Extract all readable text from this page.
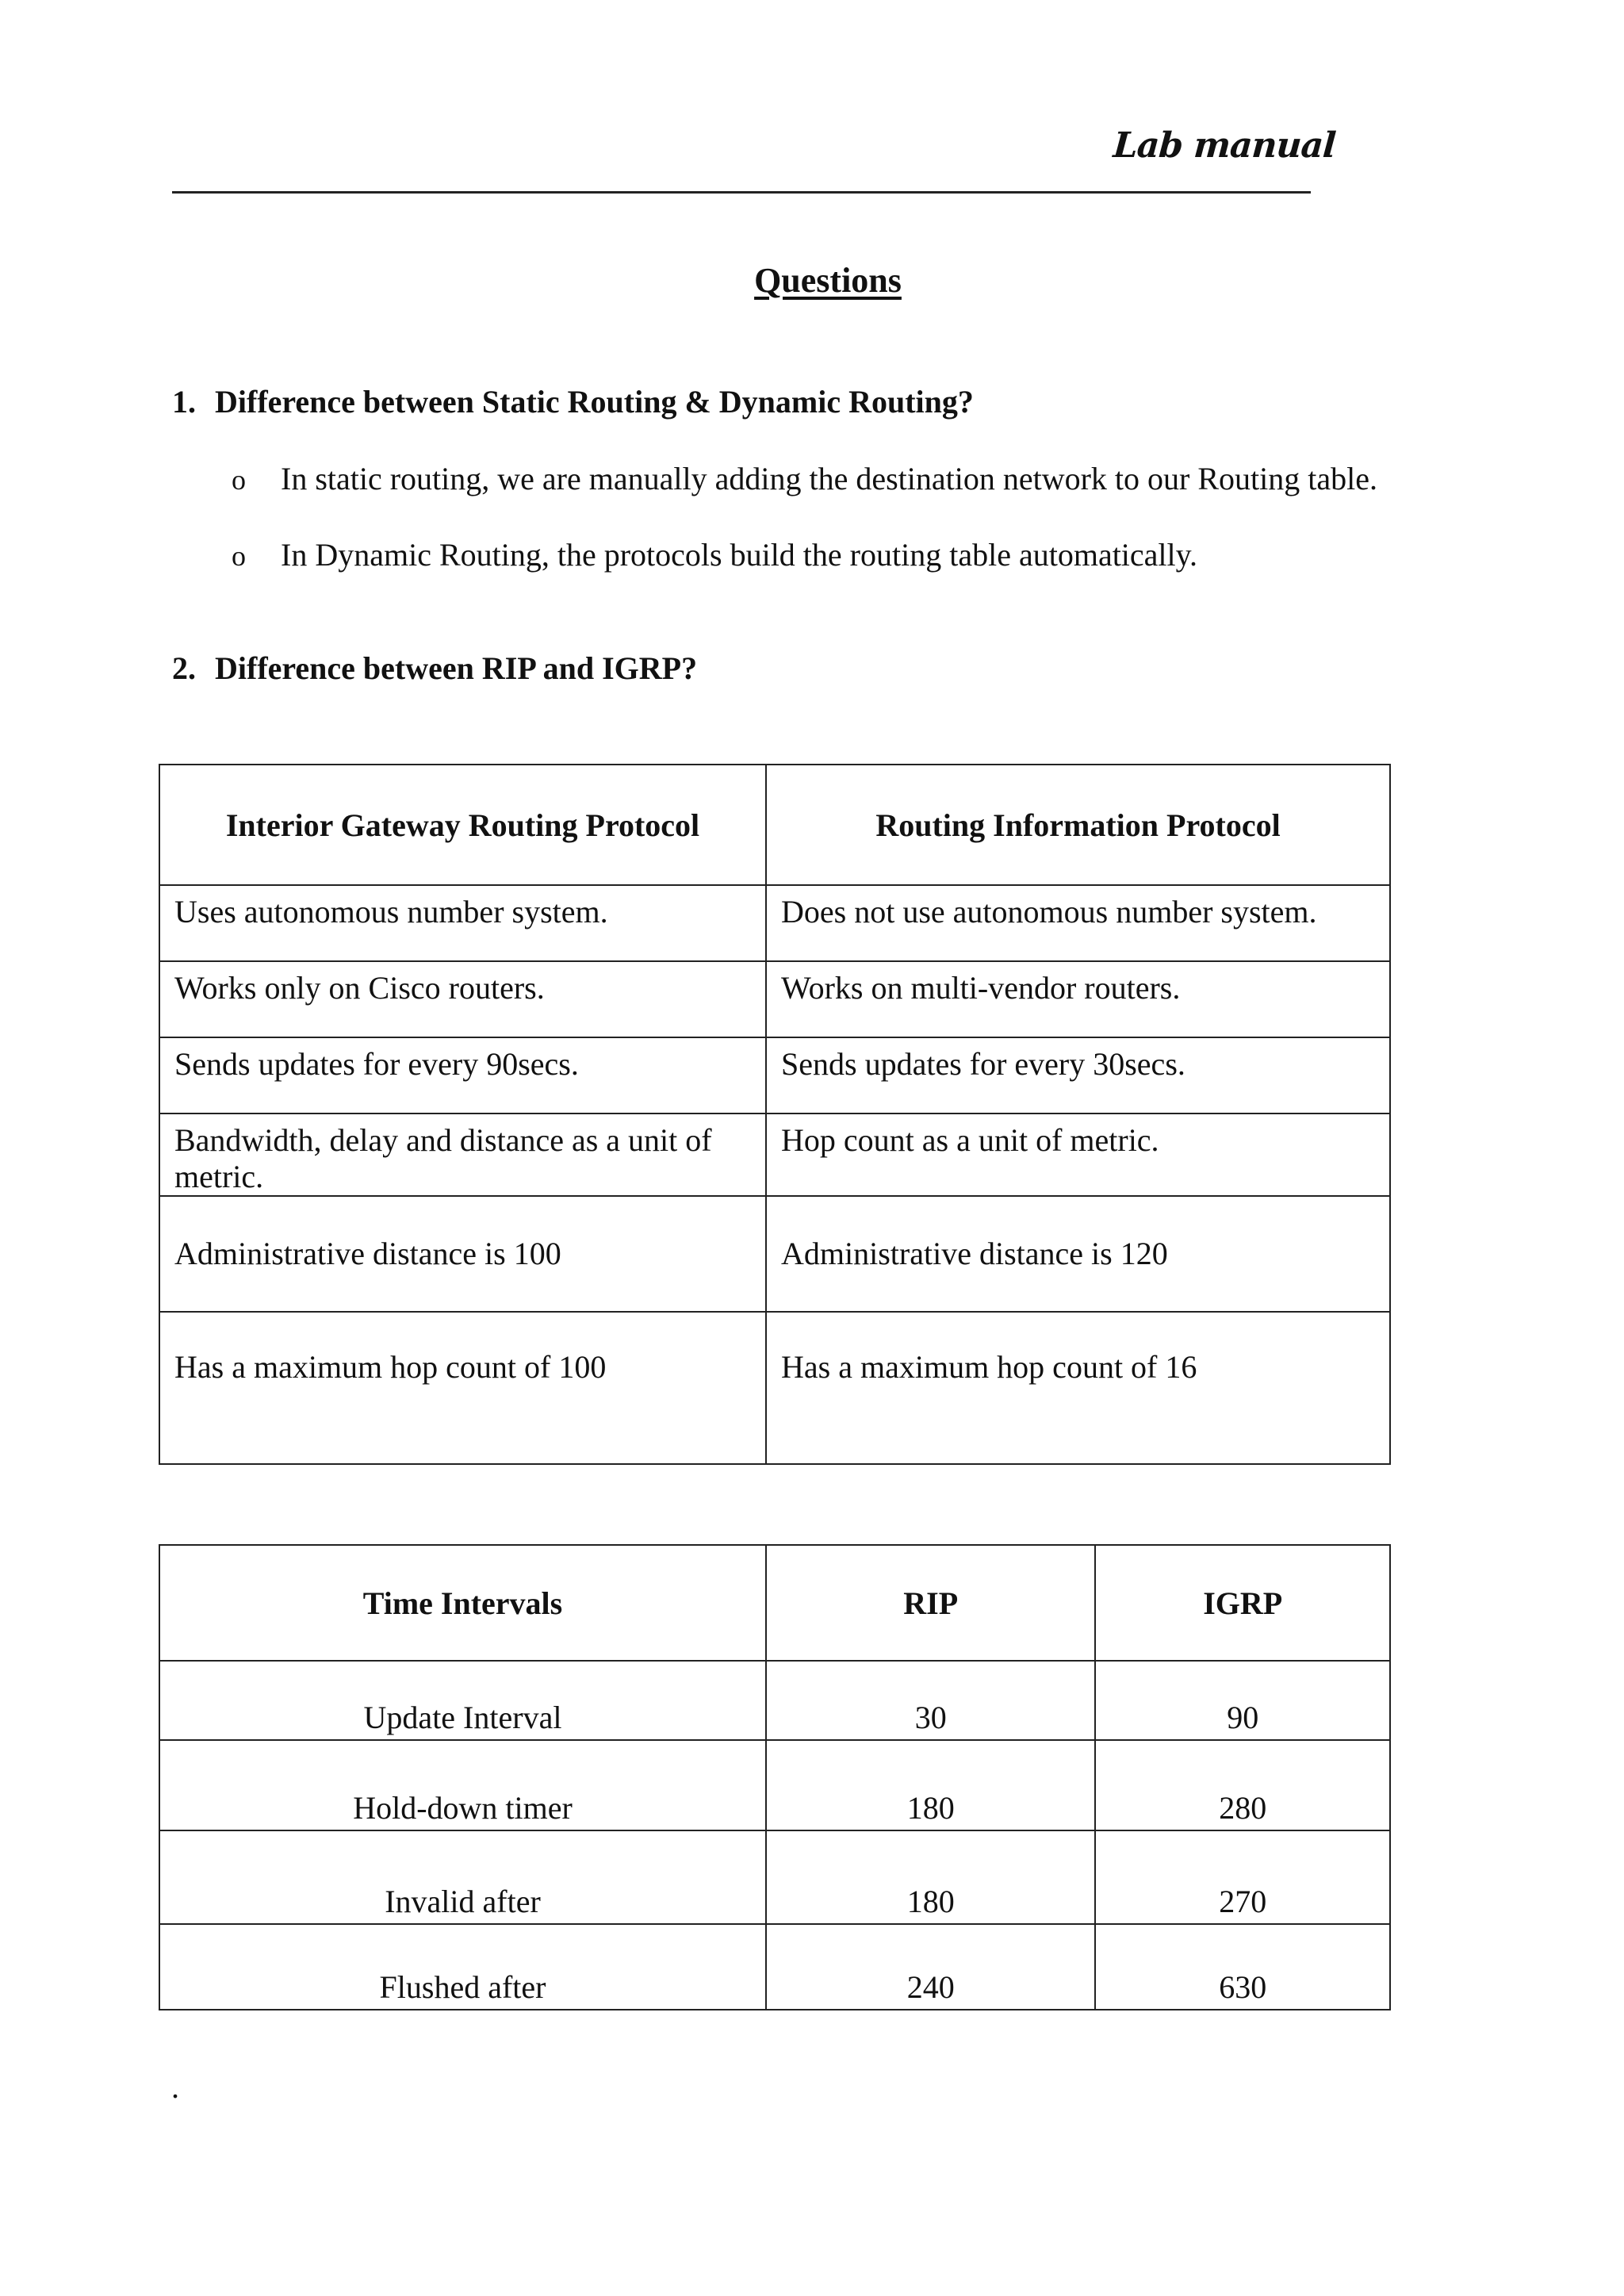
Lab manual
Questions
1. Difference between Static Routing & Dynamic Routing?
o In static routing, we are manually adding the destination network to our Routing table.
o In Dynamic Routing, the protocols build the routing table automatically.
2. Difference between RIP and IGRP?
Interior Gateway Routing Protocol	Routing Information Protocol
Uses autonomous number system.	Does not use autonomous number system.
Works only on Cisco routers.	Works on multi-vendor routers.
Sends updates for every 90secs.	Sends updates for every 30secs.
Bandwidth, delay and distance as a unit of metric.	Hop count as a unit of metric.
Administrative distance is 100	Administrative distance is 120
Has a maximum hop count of 100	Has a maximum hop count of 16
Time Intervals	RIP	IGRP
Update Interval	30	90
Hold-down timer	180	280
Invalid after	180	270
Flushed after	240	630
.
